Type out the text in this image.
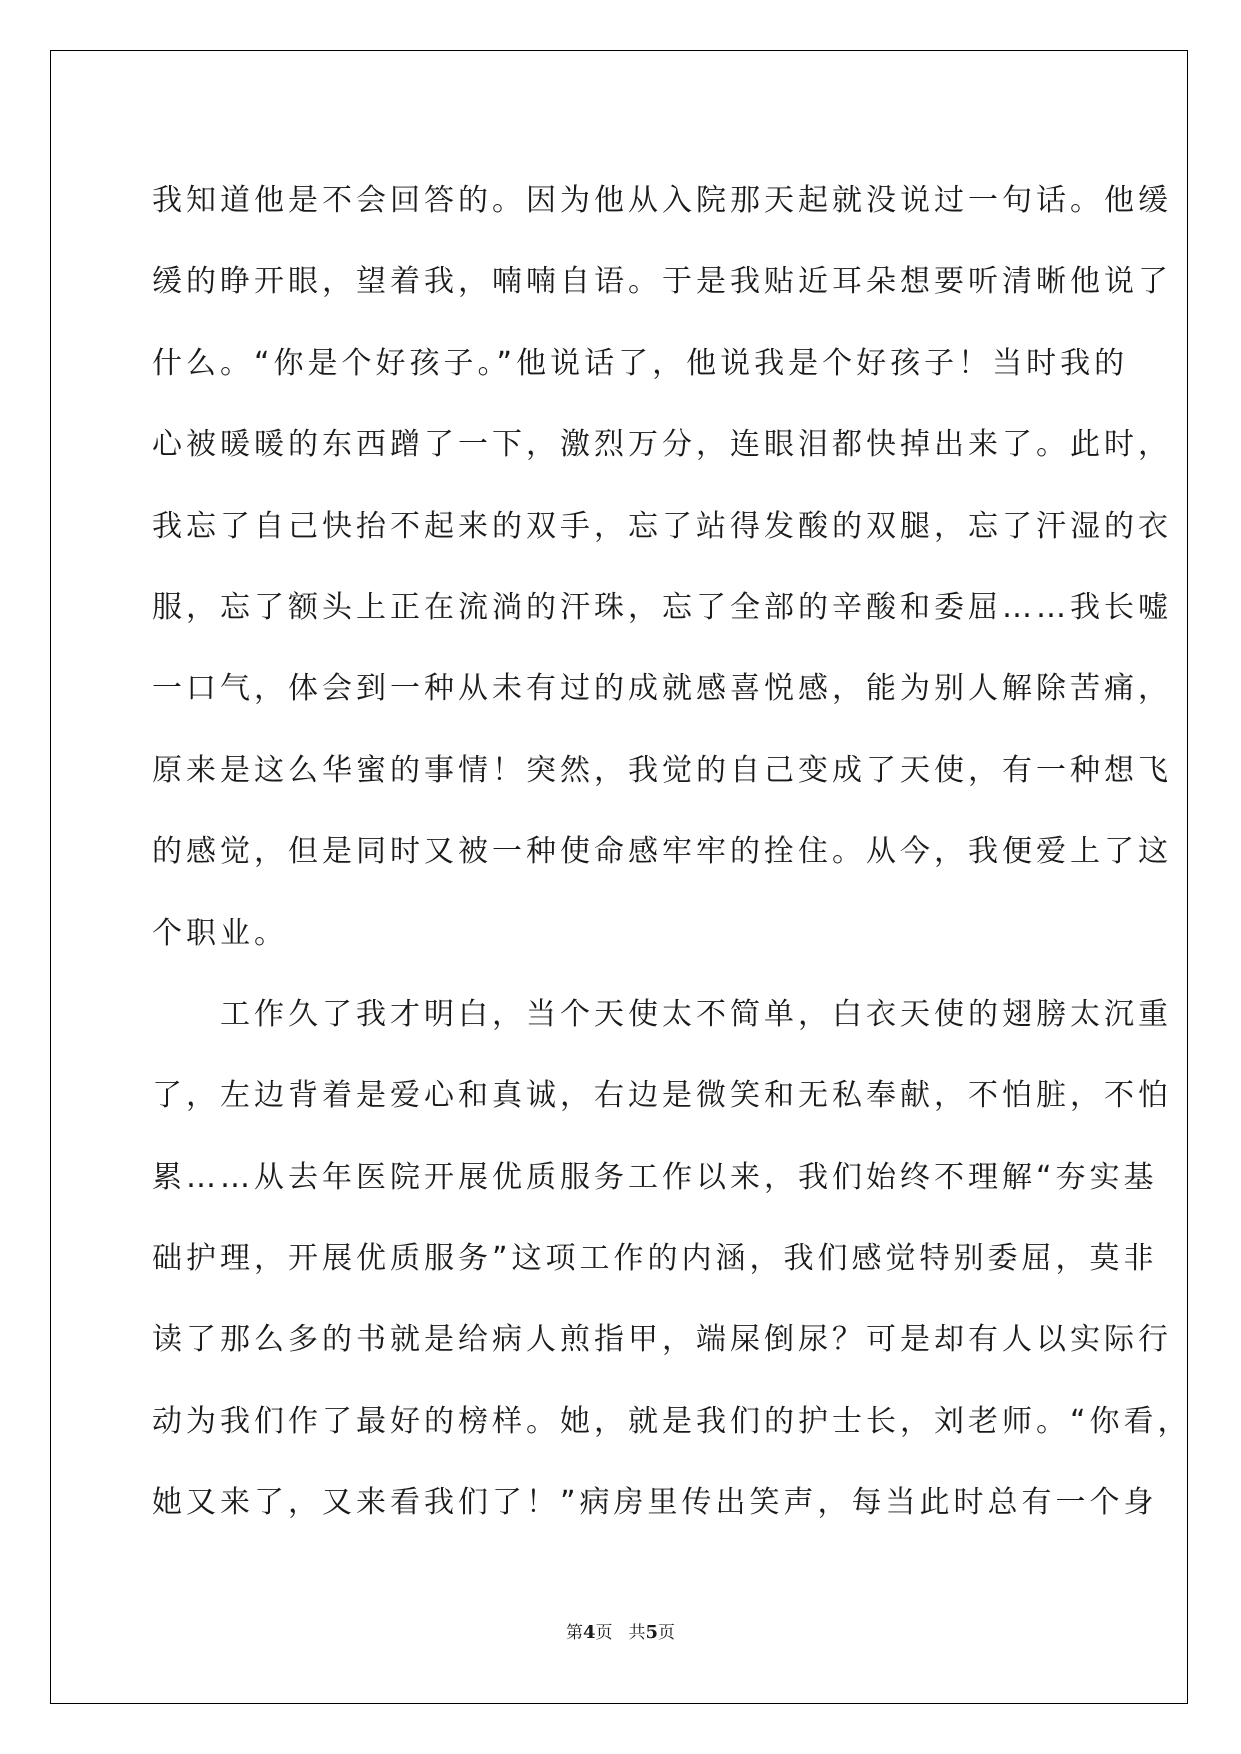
我知道他是不会回答的。因为他从入院那天起就没说过一句话。他缓
缓的睁开眼，望着我，喃喃自语。于是我贴近耳朵想要听清晰他说了
什么。“你是个好孩子。”他说话了，他说我是个好孩子！当时我的
心被暖暖的东西蹭了一下，激烈万分，连眼泪都快掉出来了。此时，
我忘了自己快抬不起来的双手，忘了站得发酸的双腿，忘了汗湿的衣
服，忘了额头上正在流淌的汗珠，忘了全部的辛酸和委屈……我长嘘
一口气，体会到一种从未有过的成就感喜悦感，能为别人解除苦痛，
原来是这么华蜜的事情！突然，我觉的自己变成了天使，有一种想飞
的感觉，但是同时又被一种使命感牢牢的拴住。从今，我便爱上了这
个职业。
工作久了我才明白，当个天使太不简单，白衣天使的翅膀太沉重
了，左边背着是爱心和真诚，右边是微笑和无私奉献，不怕脏，不怕
累……从去年医院开展优质服务工作以来，我们始终不理解“夯实基
础护理，开展优质服务”这项工作的内涵，我们感觉特别委屈，莫非
读了那么多的书就是给病人煎指甲，端屎倒尿？可是却有人以实际行
动为我们作了最好的榜样。她，就是我们的护士长，刘老师。“你看，
她又来了，又来看我们了！”病房里传出笑声，每当此时总有一个身
第4页 共5页
